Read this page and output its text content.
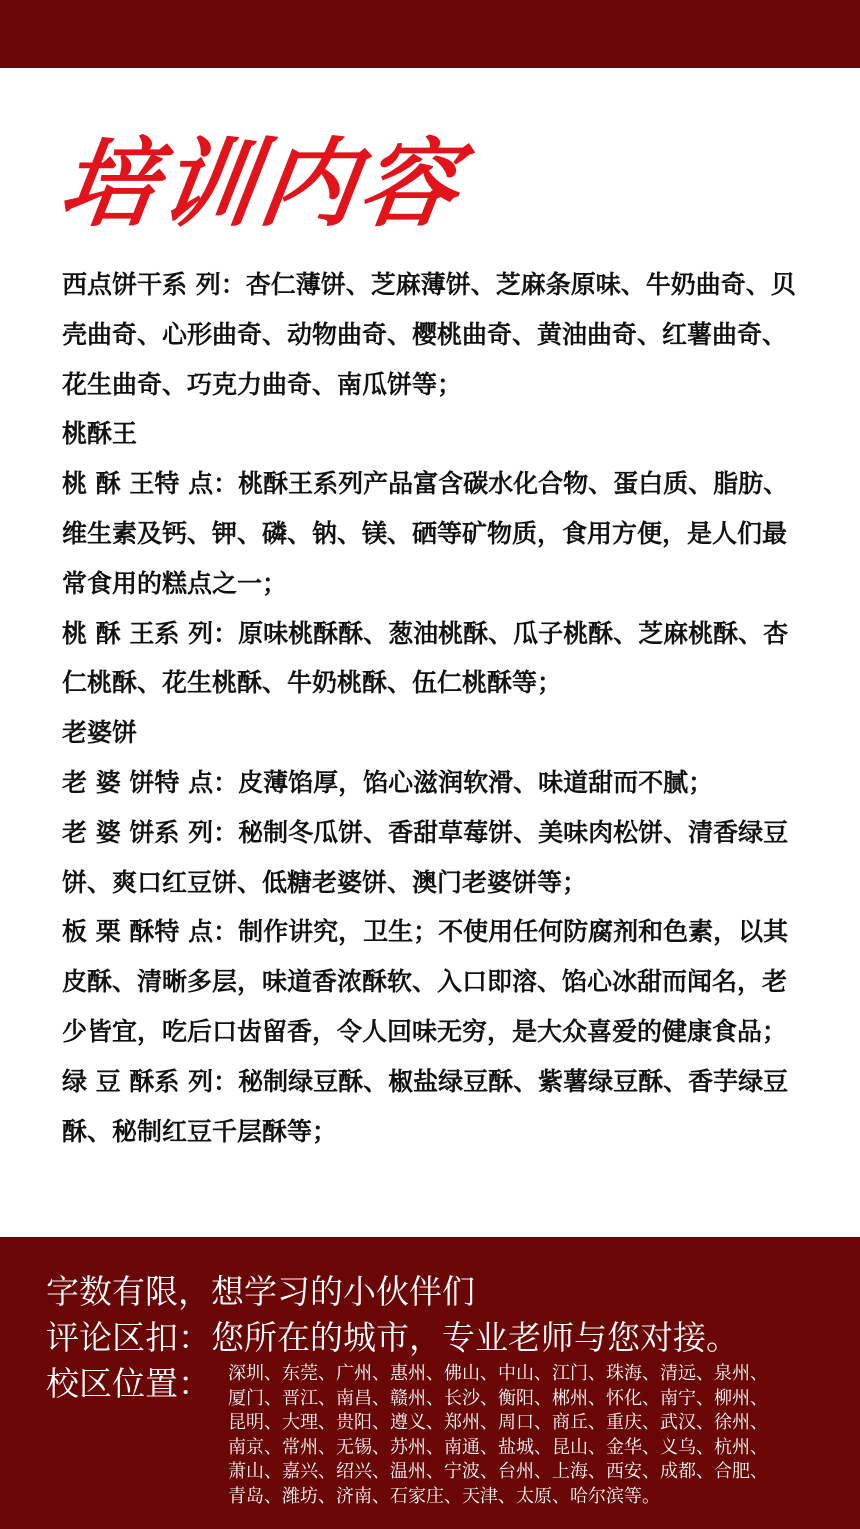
培训内容

西点饼干系 列：杏仁薄饼、芝麻薄饼、芝麻条原味、牛奶曲奇、贝壳曲奇、心形曲奇、动物曲奇、樱桃曲奇、黄油曲奇、红薯曲奇、花生曲奇、巧克力曲奇、南瓜饼等；

桃酥王

桃 酥 王特 点：桃酥王系列产品富含碳水化合物、蛋白质、脂肪、维生素及钙、钾、磷、钠、镁、硒等矿物质，食用方便，是人们最常食用的糕点之一；

桃 酥 王系 列：原味桃酥酥、葱油桃酥、瓜子桃酥、芝麻桃酥、杏仁桃酥、花生桃酥、牛奶桃酥、伍仁桃酥等；

老婆饼

老 婆 饼特 点：皮薄馅厚，馅心滋润软滑、味道甜而不腻；

老 婆 饼系 列：秘制冬瓜饼、香甜草莓饼、美味肉松饼、清香绿豆饼、爽口红豆饼、低糖老婆饼、澳门老婆饼等；

板 栗 酥特 点：制作讲究，卫生；不使用任何防腐剂和色素，以其皮酥、清晰多层，味道香浓酥软、入口即溶、馅心冰甜而闻名，老少皆宜，吃后口齿留香，令人回味无穷，是大众喜爱的健康食品；

绿 豆 酥系 列：秘制绿豆酥、椒盐绿豆酥、紫薯绿豆酥、香芋绿豆酥、秘制红豆千层酥等；

字数有限，想学习的小伙伴们
评论区扣：您所在的城市，专业老师与您对接。
校区位置： 深圳、东莞、广州、惠州、佛山、中山、江门、珠海、清远、泉州、
厦门、晋江、南昌、赣州、长沙、衡阳、郴州、怀化、南宁、柳州、
昆明、大理、贵阳、遵义、郑州、周口、商丘、重庆、武汉、徐州、
南京、常州、无锡、苏州、南通、盐城、昆山、金华、义乌、杭州、
萧山、嘉兴、绍兴、温州、宁波、台州、上海、西安、成都、合肥、
青岛、潍坊、济南、石家庄、天津、太原、哈尔滨等。
